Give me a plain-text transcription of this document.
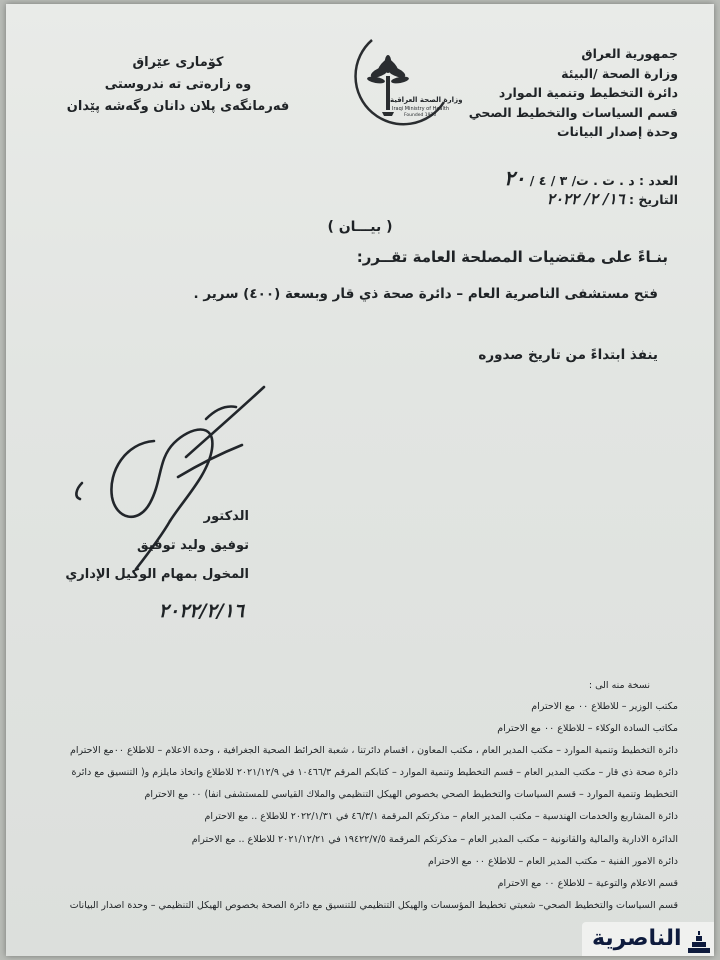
جمهورية العراق
وزارة الصحة /البيئة
دائرة التخطيط وتنمية الموارد
قسم السياسات والتخطيط الصحي
وحدة إصدار البيانات
العدد : د . ت . ت/ ٣ / ٤ / ٢٠
التاريخ : ١٦/ ٢/ ٢٠٢٢
كۆماری عێراق
وه زارەتی ته ندروستی
فەرمانگەی پلان دانان وگەشه پێدان	وزارة الصحة العراقية
Iraqi Ministry of Health
Founded 1920
( بيـــان )
بنـاءً على مقتضيات المصلحة العامة تقــرر:
فتح مستشفى الناصرية العام – دائرة صحة ذي قار وبسعة (٤٠٠) سرير .
ينفذ ابتداءً من تاريخ صدوره
الدكتور
توفيق وليد توفيق
المخول بمهام الوكيل الإداري
٢٠٢٢/٢/١٦
نسخة منه الى :
مكتب الوزير – للاطلاع ٠٠ مع الاحترام
مكاتب السادة الوكلاء – للاطلاع ٠٠ مع الاحترام
دائرة التخطيط وتنمية الموارد – مكتب المدير العام ، مكتب المعاون ، اقسام دائرتنا ، شعبة الخرائط الصحية الجغرافية ، وحدة الاعلام – للاطلاع ٠٠مع الاحترام
دائرة صحة ذي قار – مكتب المدير العام – قسم التخطيط وتنمية الموارد – كتابكم المرقم ١٠٤٦٦/٣ في ٢٠٢١/١٢/٩ للاطلاع واتخاذ مايلزم و( التنسيق مع دائرة
التخطيط وتنمية الموارد – قسم السياسات والتخطيط الصحي بخصوص الهيكل التنظيمي والملاك القياسي للمستشفى انفا) ٠٠ مع الاحترام
دائرة المشاريع والخدمات الهندسية – مكتب المدير العام – مذكرتكم المرقمة ٤٦/٣/١ في ٢٠٢٢/١/٣١ للاطلاع .. مع الاحترام
الدائرة الادارية والمالية والقانونية – مكتب المدير العام – مذكرتكم المرقمة ١٩٤٢٢/٧/٥ في ٢٠٢١/١٢/٢١ للاطلاع .. مع الاحترام
دائرة الامور الفنية – مكتب المدير العام – للاطلاع ٠٠ مع الاحترام
قسم الاعلام والتوعية – للاطلاع ٠٠ مع الاحترام
قسم السياسات والتخطيط الصحي– شعبتي تخطيط المؤسسات والهيكل التنظيمي للتنسيق مع دائرة الصحة بخصوص الهيكل التنظيمي – وحدة اصدار البيانات
الناصرية
